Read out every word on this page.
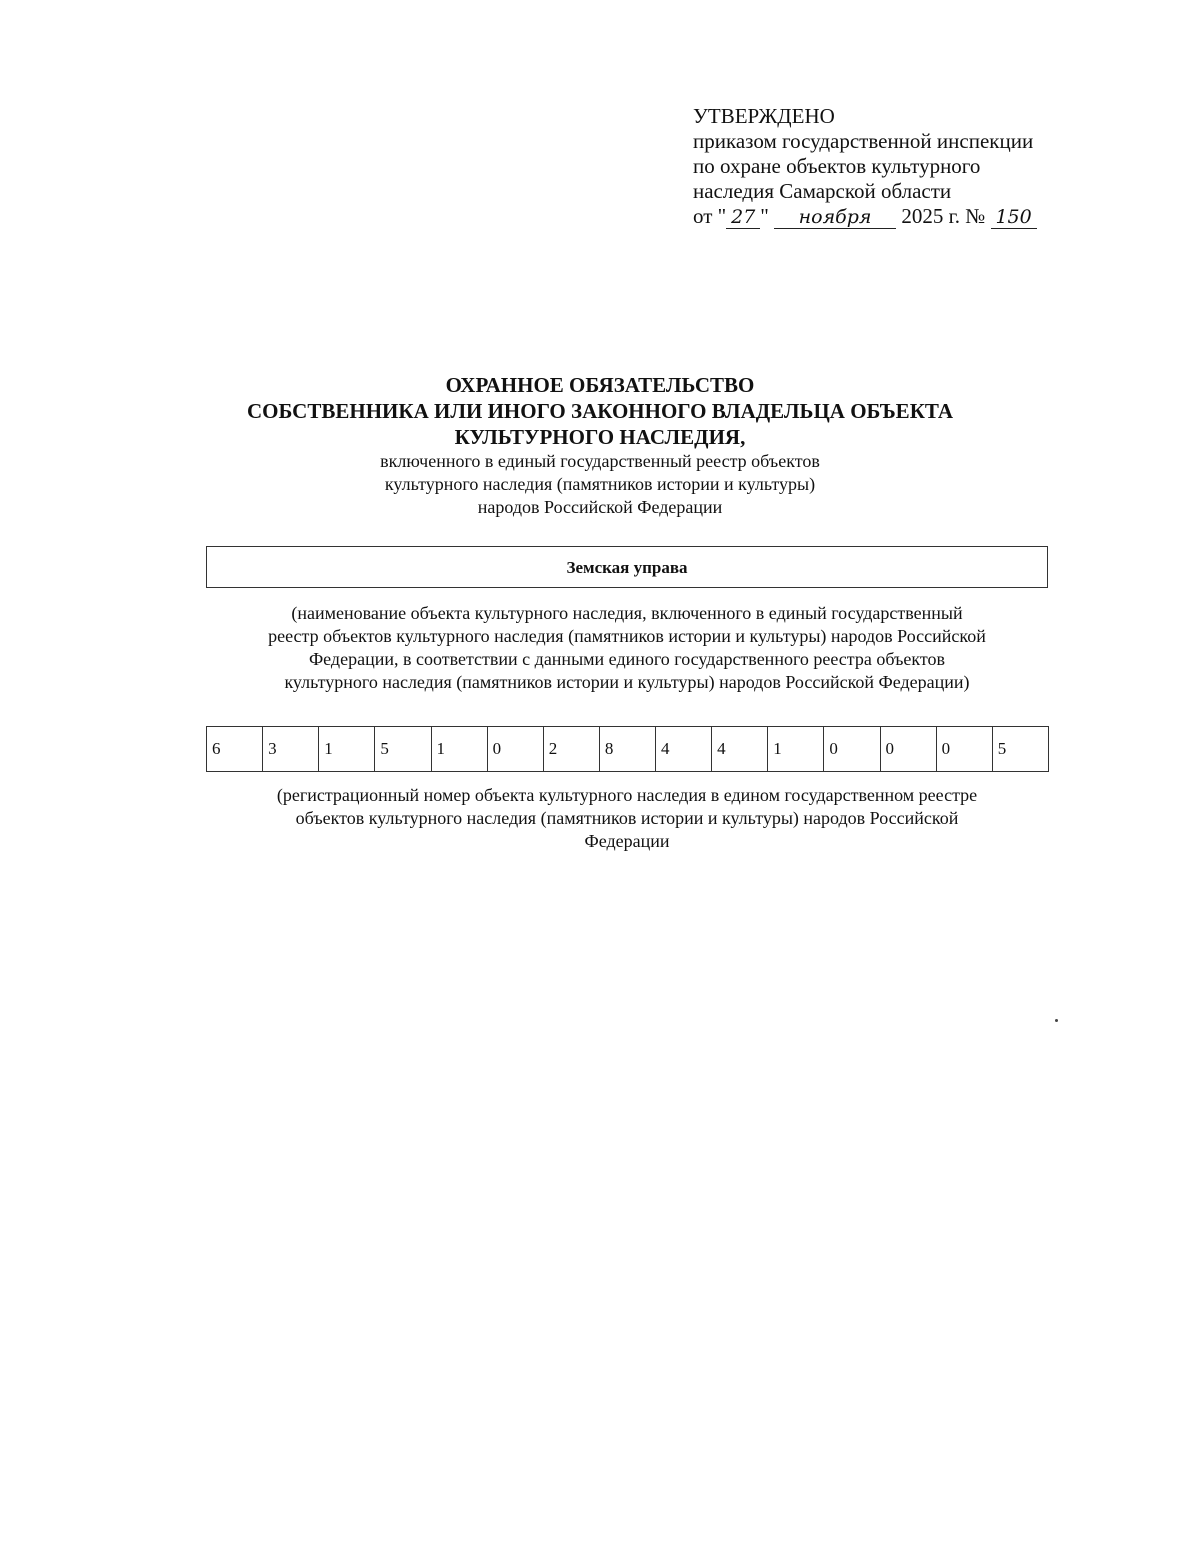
УТВЕРЖДЕНО
приказом государственной инспекции
по охране объектов культурного
наследия Самарской области
от " 27 " ноября 2025 г. № 150
ОХРАННОЕ ОБЯЗАТЕЛЬСТВО
СОБСТВЕННИКА ИЛИ ИНОГО ЗАКОННОГО ВЛАДЕЛЬЦА ОБЪЕКТА
КУЛЬТУРНОГО НАСЛЕДИЯ,
включенного в единый государственный реестр объектов
культурного наследия (памятников истории и культуры)
народов Российской Федерации
Земская управа
(наименование объекта культурного наследия, включенного в единый государственный
реестр объектов культурного наследия (памятников истории и культуры) народов Российской
Федерации, в соответствии с данными единого государственного реестра объектов
культурного наследия (памятников истории и культуры) народов Российской Федерации)
6	3	1	5	1	0	2	8	4	4	1	0	0	0	5
(регистрационный номер объекта культурного наследия в едином государственном реестре
объектов культурного наследия (памятников истории и культуры) народов Российской
Федерации
